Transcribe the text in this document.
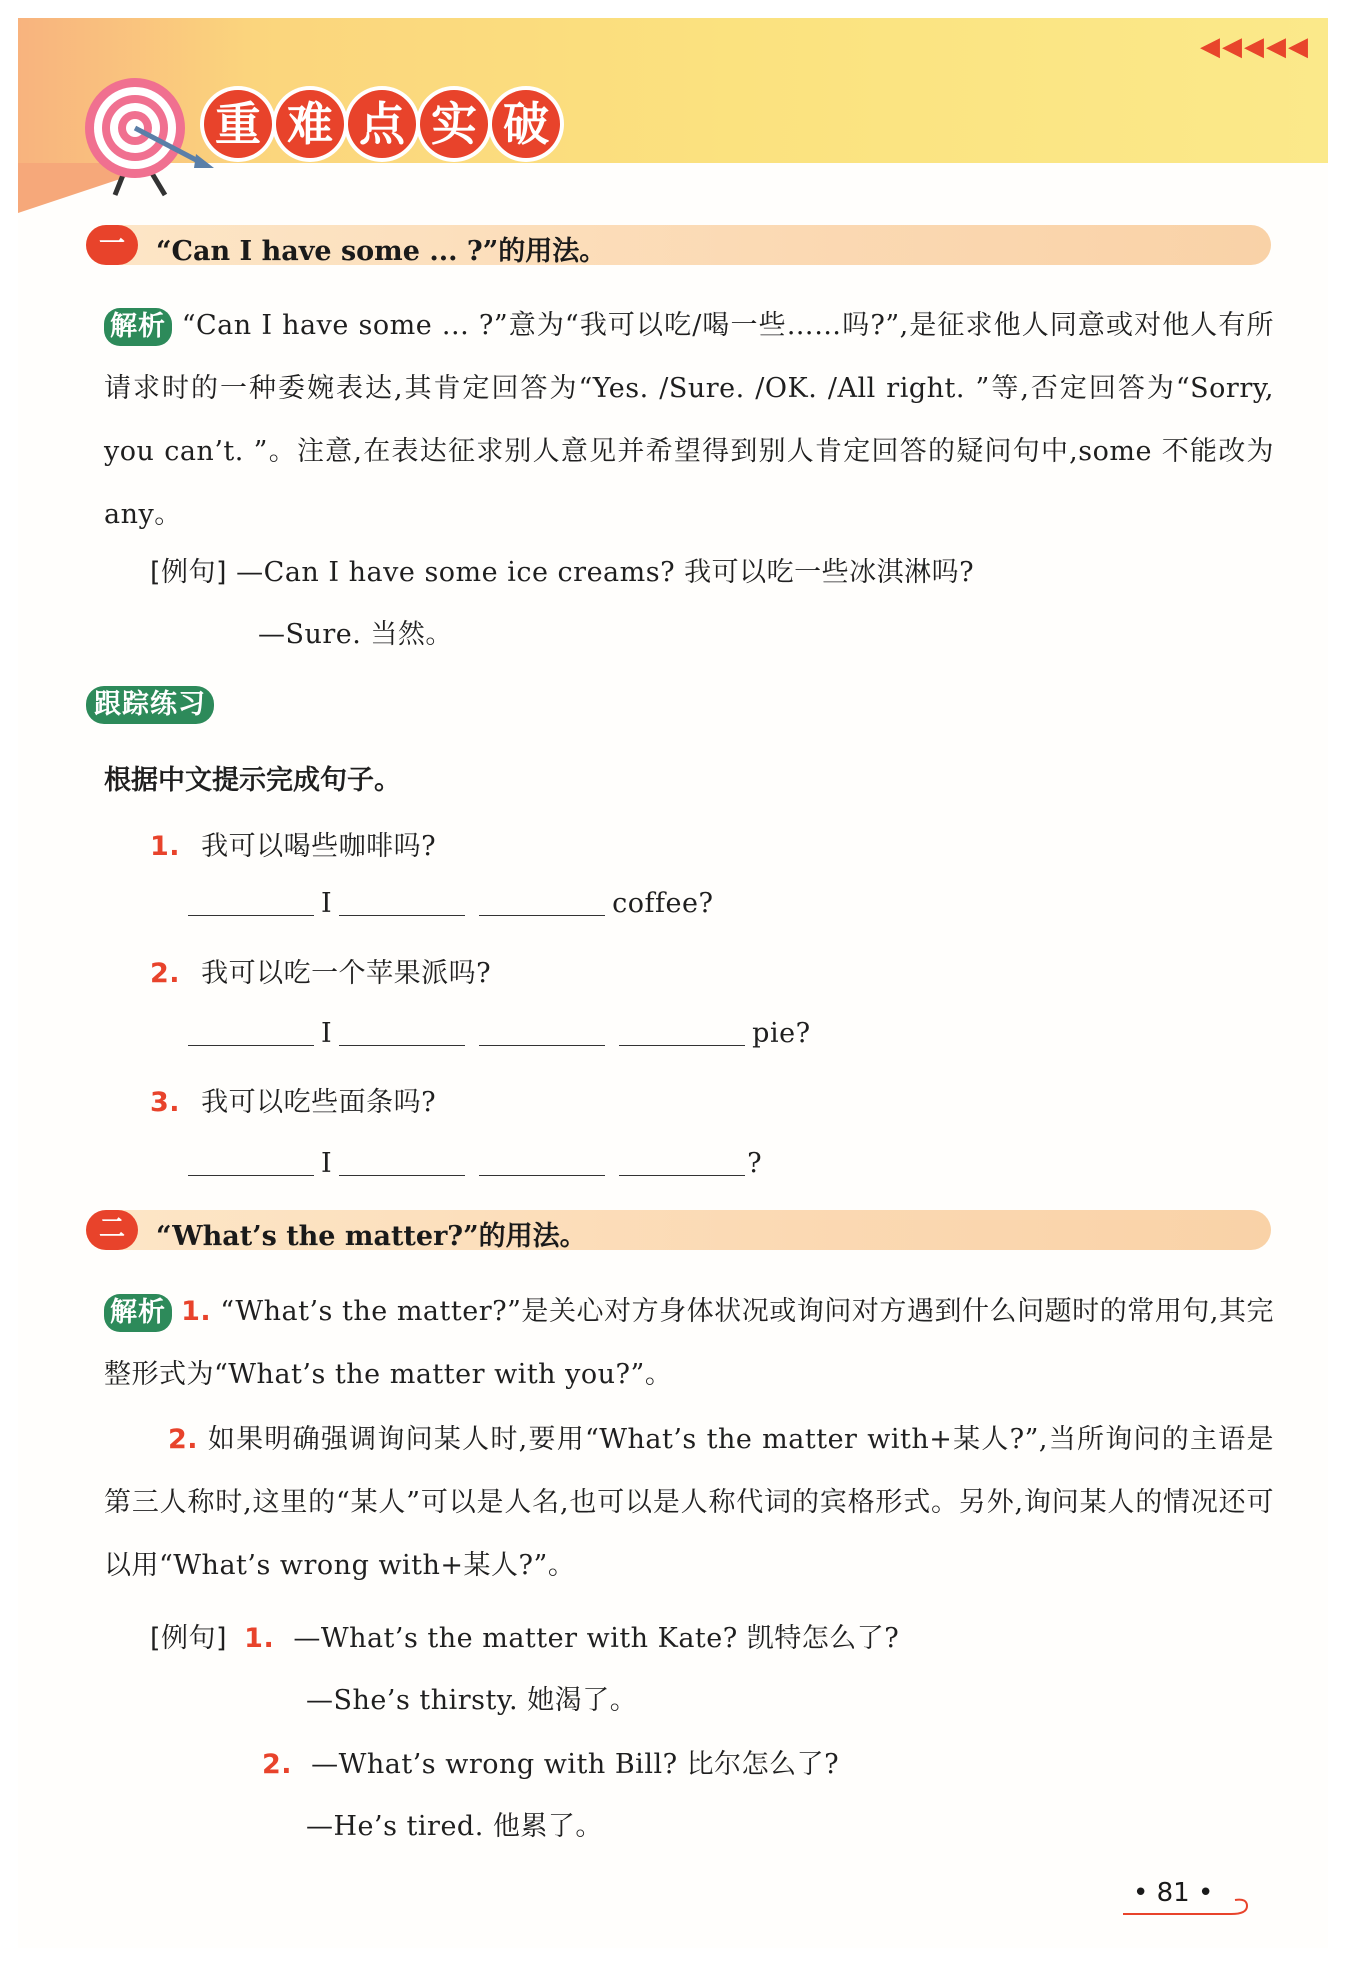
◀◀◀◀◀
重 难 点 实 破
一	“Can I have some ... ?”的用法。
解析 “Can I have some ... ?”意为“我可以吃/喝一些……吗?”,是征求他人同意或对他人有所请求时的一种委婉表达,其肯定回答为“Yes. /Sure. /OK. /All right. ”等,否定回答为“Sorry, you can’t. ”。注意,在表达征求别人意见并希望得到别人肯定回答的疑问句中,some 不能改为 any。
[例句] —Can I have some ice creams? 我可以吃一些冰淇淋吗?
—Sure. 当然。
跟踪练习
根据中文提示完成句子。
1. 我可以喝些咖啡吗?
I	coffee?
2. 我可以吃一个苹果派吗?
I	pie?
3. 我可以吃些面条吗?
I	?
二	“What’s the matter?”的用法。
解析 1. “What’s the matter?”是关心对方身体状况或询问对方遇到什么问题时的常用句,其完整形式为“What’s the matter with you?”。
2. 如果明确强调询问某人时,要用“What’s the matter with+某人?”,当所询问的主语是第三人称时,这里的“某人”可以是人名,也可以是人称代词的宾格形式。另外,询问某人的情况还可以用“What’s wrong with+某人?”。
[例句] 1. —What’s the matter with Kate? 凯特怎么了?
—She’s thirsty. 她渴了。
2. —What’s wrong with Bill? 比尔怎么了?
—He’s tired. 他累了。
• 81 •
